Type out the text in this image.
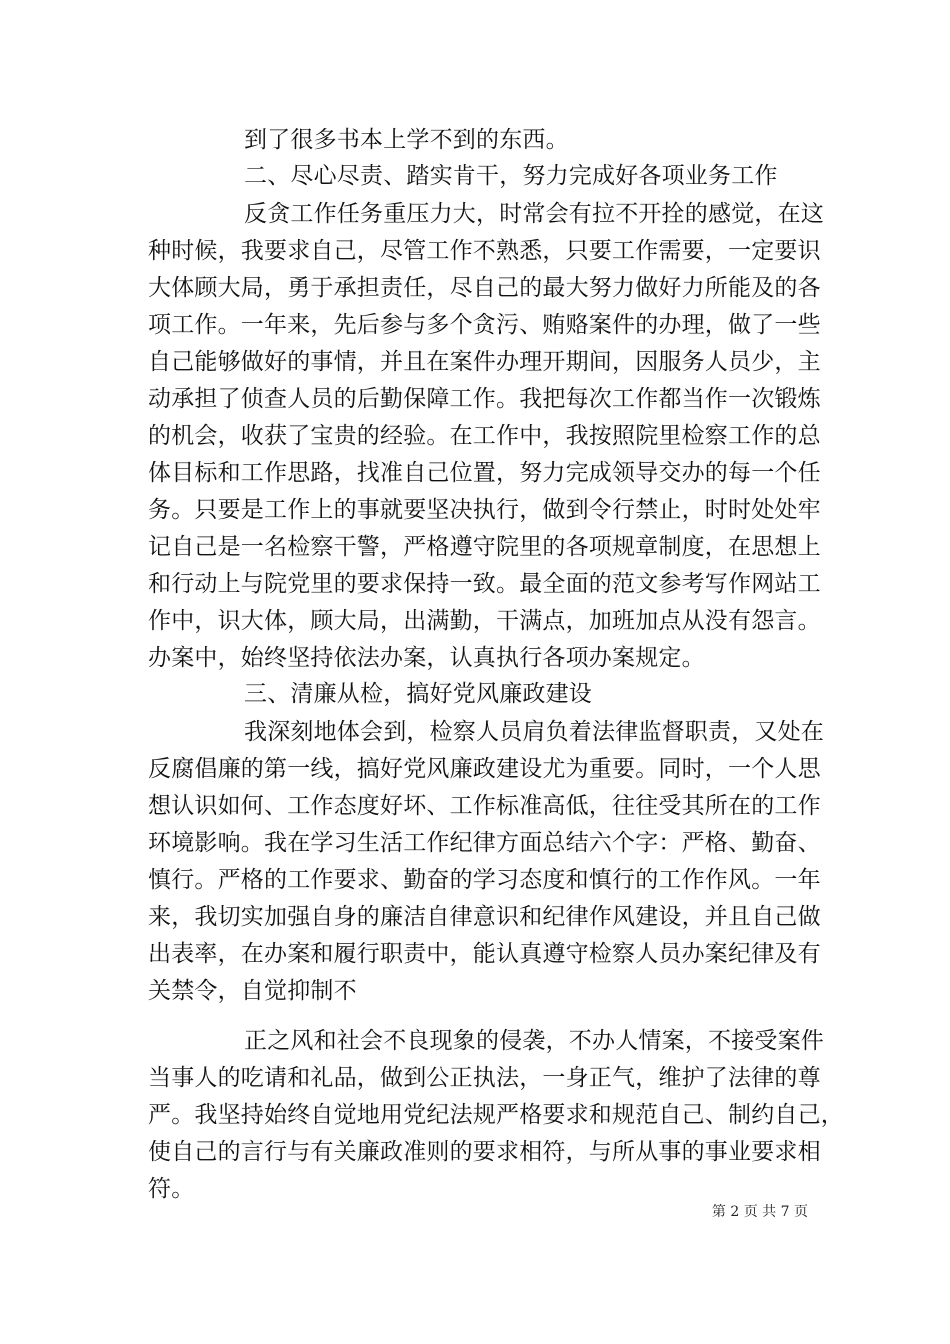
到了很多书本上学不到的东西。
二、尽心尽责、踏实肯干，努力完成好各项业务工作
反贪工作任务重压力大，时常会有拉不开拴的感觉，在这
种时候，我要求自己，尽管工作不熟悉，只要工作需要，一定要识
大体顾大局，勇于承担责任，尽自己的最大努力做好力所能及的各
项工作。一年来，先后参与多个贪污、贿赂案件的办理，做了一些
自己能够做好的事情，并且在案件办理开期间，因服务人员少，主
动承担了侦查人员的后勤保障工作。我把每次工作都当作一次锻炼
的机会，收获了宝贵的经验。在工作中，我按照院里检察工作的总
体目标和工作思路，找准自己位置，努力完成领导交办的每一个任
务。只要是工作上的事就要坚决执行，做到令行禁止，时时处处牢
记自己是一名检察干警，严格遵守院里的各项规章制度，在思想上
和行动上与院党里的要求保持一致。最全面的范文参考写作网站工
作中，识大体，顾大局，出满勤，干满点，加班加点从没有怨言。
办案中，始终坚持依法办案，认真执行各项办案规定。
三、清廉从检，搞好党风廉政建设
我深刻地体会到，检察人员肩负着法律监督职责，又处在
反腐倡廉的第一线，搞好党风廉政建设尤为重要。同时，一个人思
想认识如何、工作态度好坏、工作标准高低，往往受其所在的工作
环境影响。我在学习生活工作纪律方面总结六个字：严格、勤奋、
慎行。严格的工作要求、勤奋的学习态度和慎行的工作作风。一年
来，我切实加强自身的廉洁自律意识和纪律作风建设，并且自己做
出表率，在办案和履行职责中，能认真遵守检察人员办案纪律及有
关禁令，自觉抑制不
正之风和社会不良现象的侵袭，不办人情案，不接受案件
当事人的吃请和礼品，做到公正执法，一身正气，维护了法律的尊
严。我坚持始终自觉地用党纪法规严格要求和规范自己、制约自己，
使自己的言行与有关廉政准则的要求相符，与所从事的事业要求相
符。
第 2 页 共 7 页
